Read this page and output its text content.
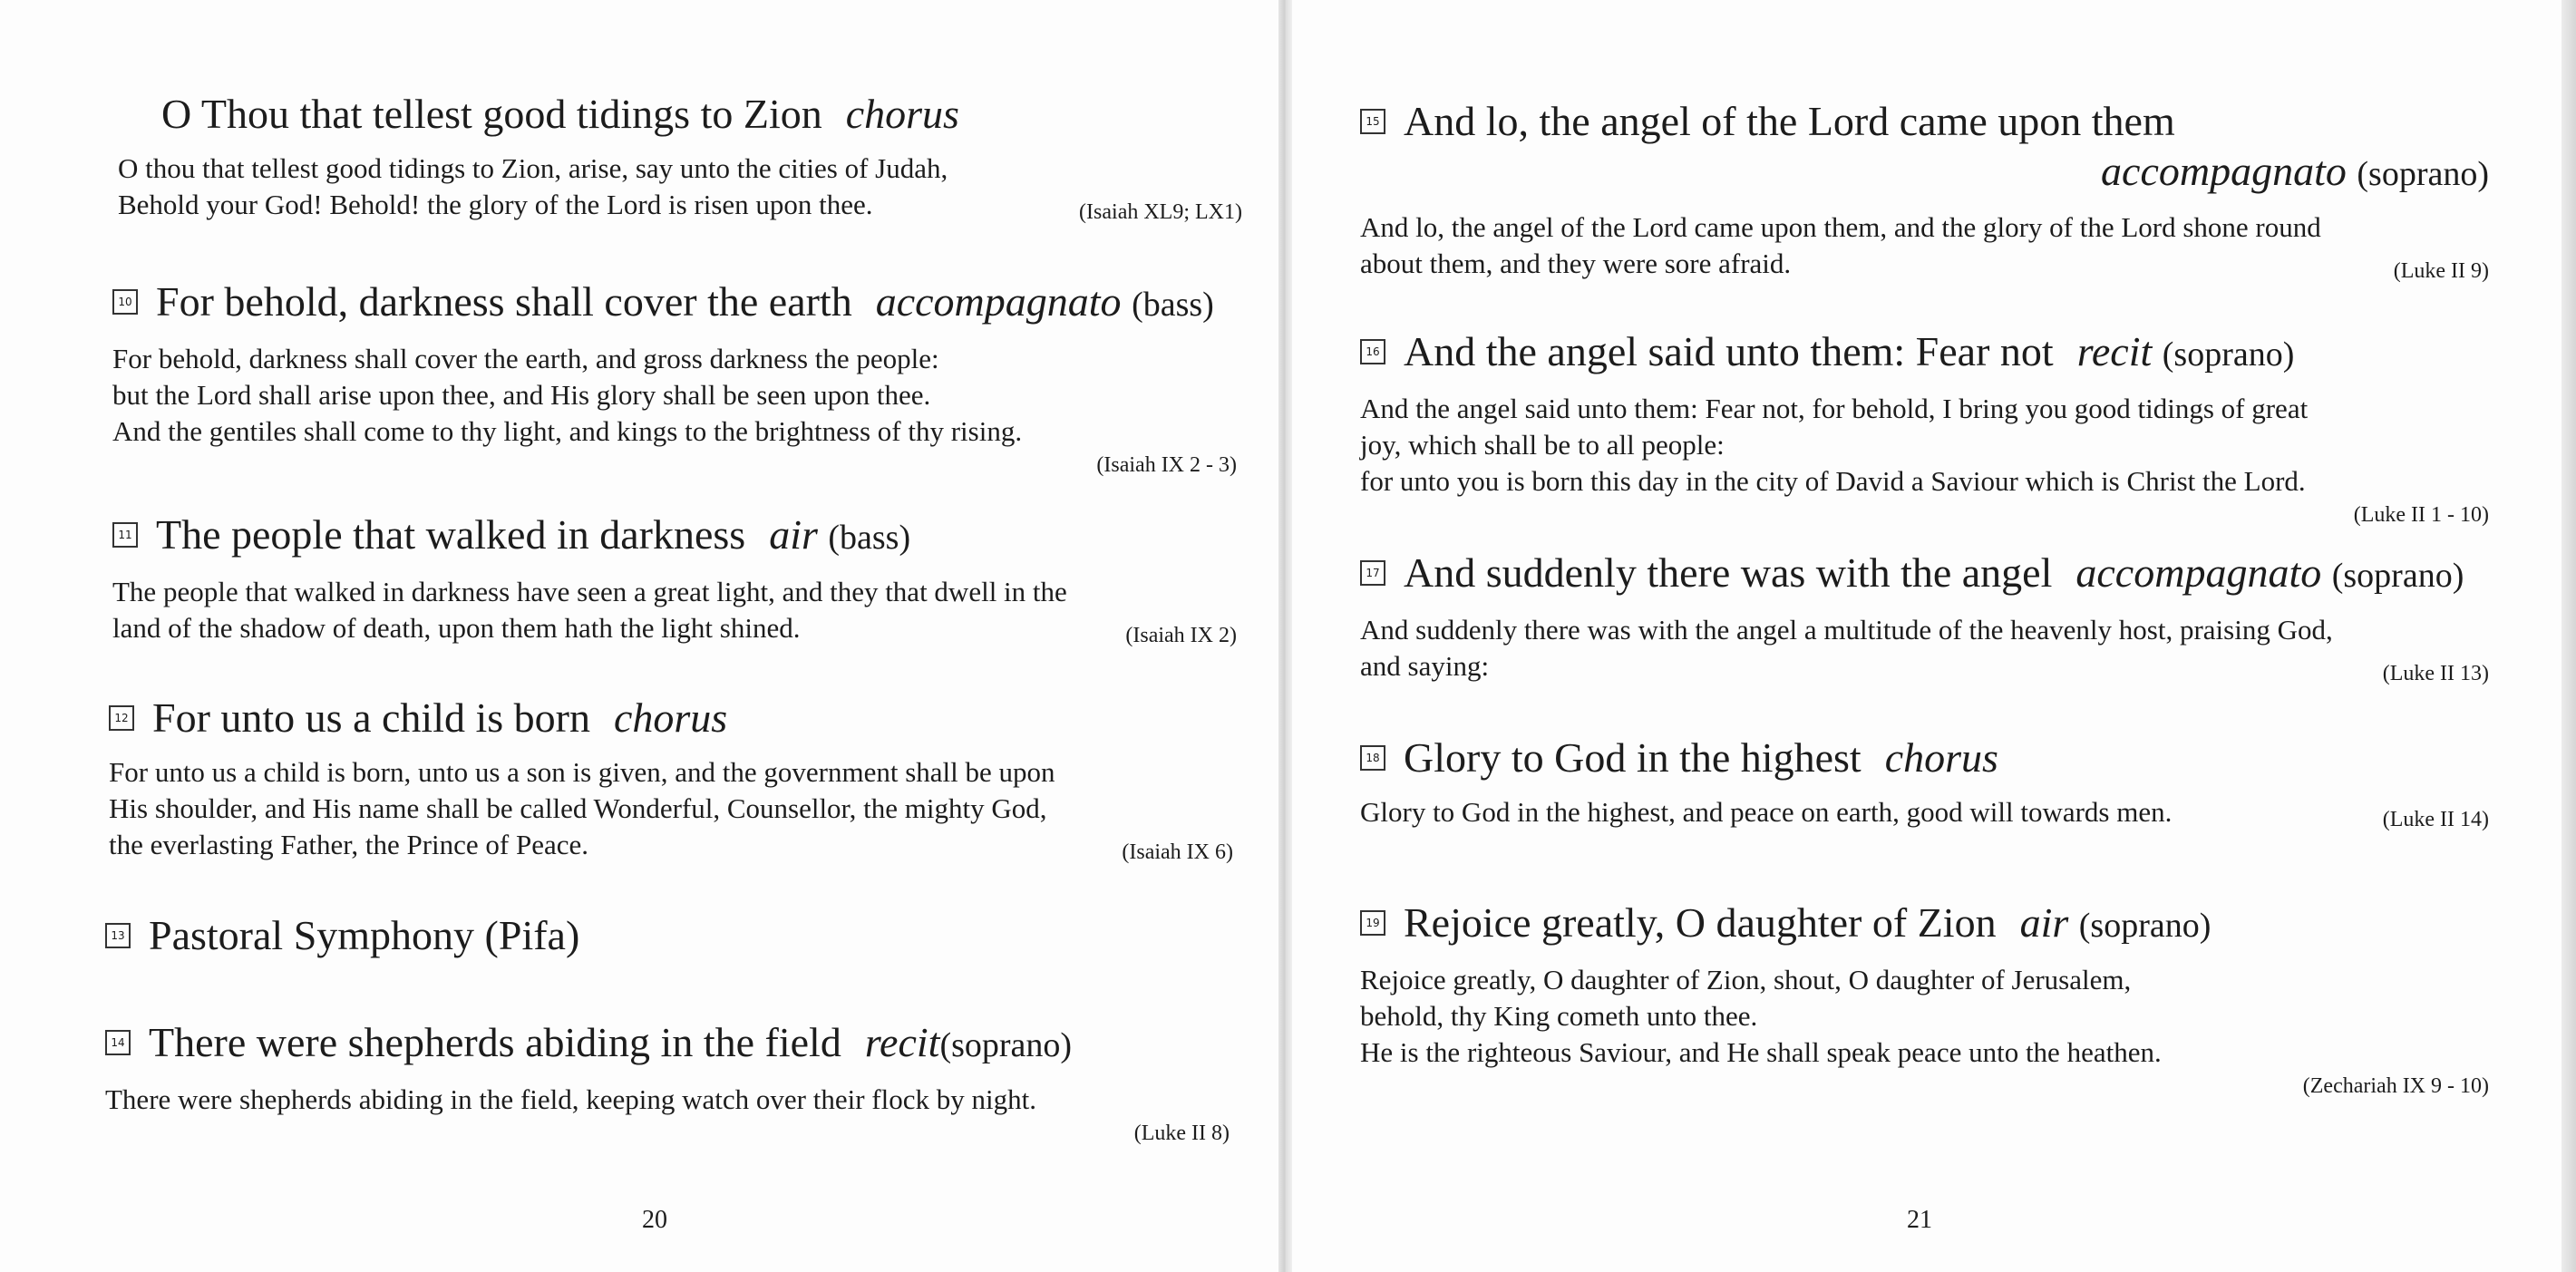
O Thou that tellest good tidings to Zion chorus
O thou that tellest good tidings to Zion, arise, say unto the cities of Judah,
Behold your God! Behold! the glory of the Lord is risen upon thee.	(Isaiah XL9; LX1)
10 For behold, darkness shall cover the earth accompagnato (bass)
For behold, darkness shall cover the earth, and gross darkness the people:
but the Lord shall arise upon thee, and His glory shall be seen upon thee.
And the gentiles shall come to thy light, and kings to the brightness of thy rising.
(Isaiah IX 2 - 3)
11 The people that walked in darkness air (bass)
The people that walked in darkness have seen a great light, and they that dwell in the
land of the shadow of death, upon them hath the light shined.	(Isaiah IX 2)
12 For unto us a child is born chorus
For unto us a child is born, unto us a son is given, and the government shall be upon
His shoulder, and His name shall be called Wonderful, Counsellor, the mighty God,
the everlasting Father, the Prince of Peace.	(Isaiah IX 6)
13 Pastoral Symphony (Pifa)
14 There were shepherds abiding in the field recit(soprano)
There were shepherds abiding in the field, keeping watch over their flock by night.
(Luke II 8)
20
15 And lo, the angel of the Lord came upon them
accompagnato (soprano)
And lo, the angel of the Lord came upon them, and the glory of the Lord shone round
about them, and they were sore afraid.	(Luke II 9)
16 And the angel said unto them: Fear not recit (soprano)
And the angel said unto them: Fear not, for behold, I bring you good tidings of great
joy, which shall be to all people:
for unto you is born this day in the city of David a Saviour which is Christ the Lord.
(Luke II 1 - 10)
17 And suddenly there was with the angel accompagnato (soprano)
And suddenly there was with the angel a multitude of the heavenly host, praising God,
and saying:	(Luke II 13)
18 Glory to God in the highest chorus
Glory to God in the highest, and peace on earth, good will towards men.	(Luke II 14)
19 Rejoice greatly, O daughter of Zion air (soprano)
Rejoice greatly, O daughter of Zion, shout, O daughter of Jerusalem,
behold, thy King cometh unto thee.
He is the righteous Saviour, and He shall speak peace unto the heathen.
(Zechariah IX 9 - 10)
21
